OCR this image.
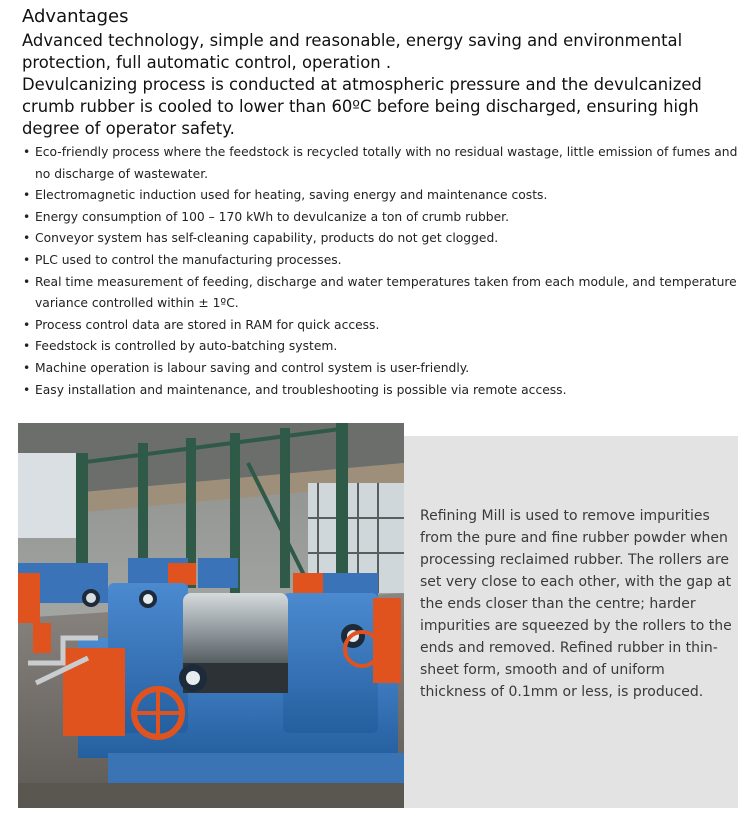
Advantages

Advanced technology, simple and reasonable, energy saving and environmental protection, full automatic control, operation .

Devulcanizing process is conducted at atmospheric pressure and the devulcanized crumb rubber is cooled to lower than 60ºC before being discharged, ensuring high degree of operator safety.

• Eco-friendly process where the feedstock is recycled totally with no residual wastage, little emission of fumes and no discharge of wastewater.
• Electromagnetic induction used for heating, saving energy and maintenance costs.
• Energy consumption of 100 – 170 kWh to devulcanize a ton of crumb rubber.
• Conveyor system has self-cleaning capability, products do not get clogged.
• PLC used to control the manufacturing processes.
• Real time measurement of feeding, discharge and water temperatures taken from each module, and temperature variance controlled within ± 1ºC.
• Process control data are stored in RAM for quick access.
• Feedstock is controlled by auto-batching system.
• Machine operation is labour saving and control system is user-friendly.
• Easy installation and maintenance, and troubleshooting is possible via remote access.

Refining Mill is used to remove impurities from the pure and fine rubber powder when processing reclaimed rubber. The rollers are set very close to each other, with the gap at the ends closer than the centre; harder impurities are squeezed by the rollers to the ends and removed. Refined rubber in thin-sheet form, smooth and of uniform thickness of 0.1mm or less, is produced.
